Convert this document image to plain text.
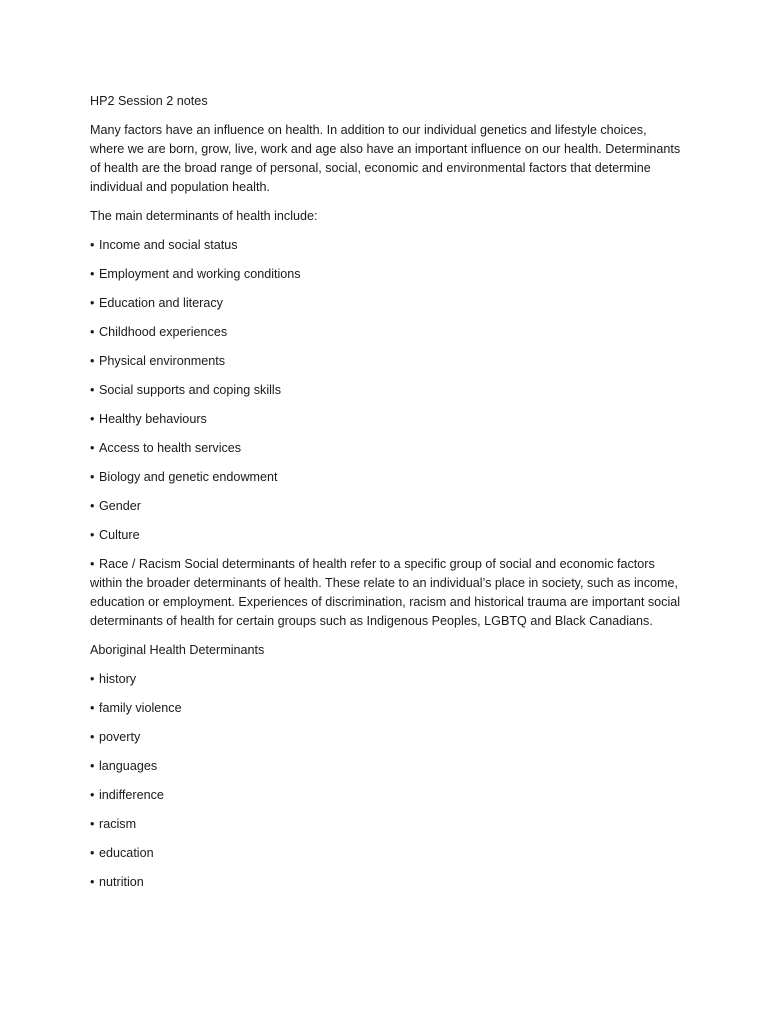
HP2 Session 2 notes

Many factors have an influence on health. In addition to our individual genetics and lifestyle choices, where we are born, grow, live, work and age also have an important influence on our health. Determinants of health are the broad range of personal, social, economic and environmental factors that determine individual and population health.

The main determinants of health include:

• Income and social status
• Employment and working conditions
• Education and literacy
• Childhood experiences
• Physical environments
• Social supports and coping skills
• Healthy behaviours
• Access to health services
• Biology and genetic endowment
• Gender
• Culture
• Race / Racism Social determinants of health refer to a specific group of social and economic factors within the broader determinants of health. These relate to an individual’s place in society, such as income, education or employment. Experiences of discrimination, racism and historical trauma are important social determinants of health for certain groups such as Indigenous Peoples, LGBTQ and Black Canadians.

Aboriginal Health Determinants

• history
• family violence
• poverty
• languages
• indifference
• racism
• education
• nutrition
